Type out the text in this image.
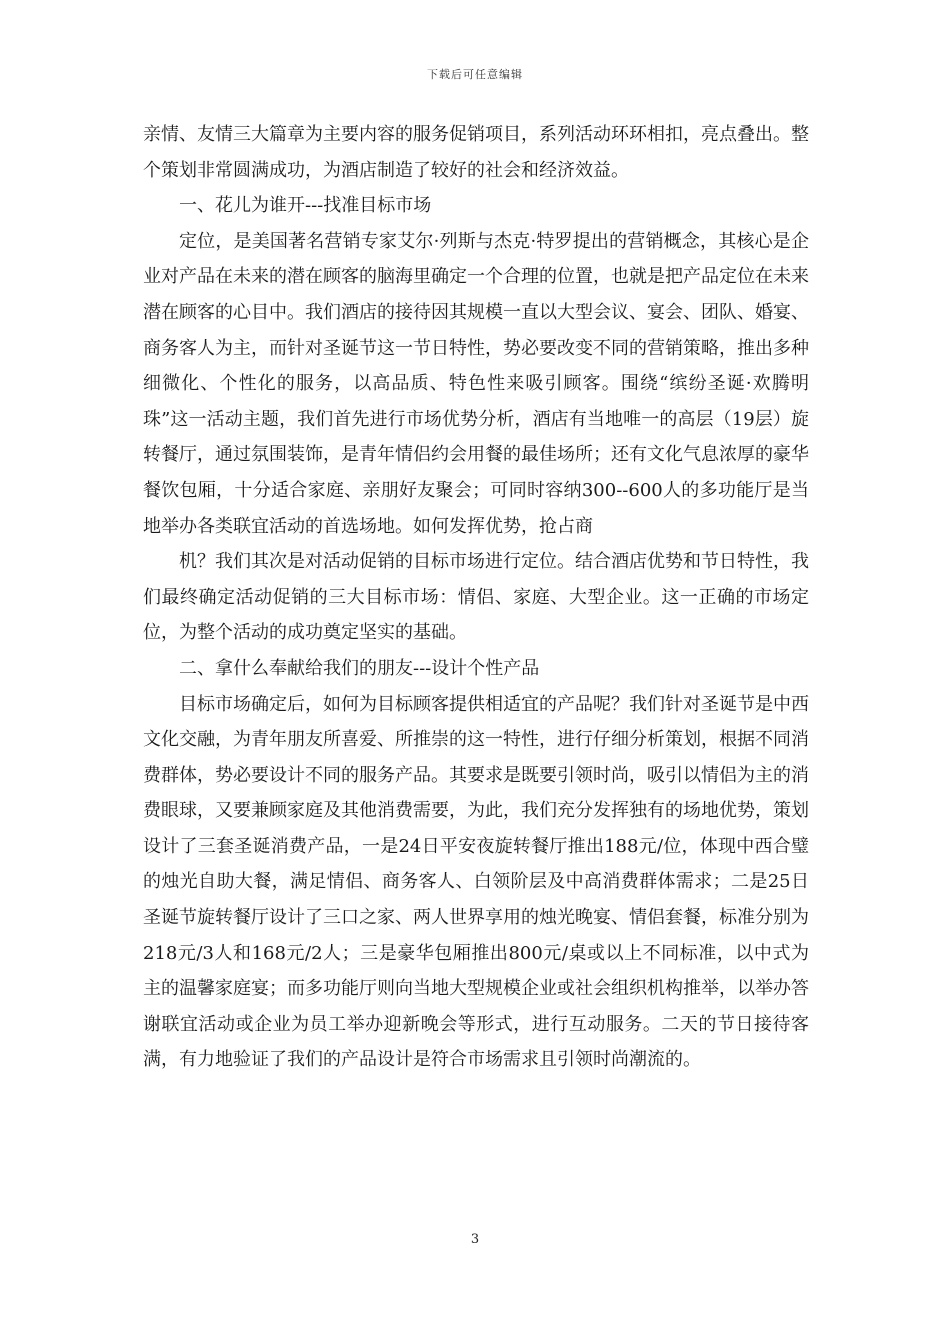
下载后可任意编辑

亲情、友情三大篇章为主要内容的服务促销项目，系列活动环环相扣，亮点叠出。整个策划非常圆满成功，为酒店制造了较好的社会和经济效益。

一、花儿为谁开---找准目标市场

定位，是美国著名营销专家艾尔·列斯与杰克·特罗提出的营销概念，其核心是企业对产品在未来的潜在顾客的脑海里确定一个合理的位置，也就是把产品定位在未来潜在顾客的心目中。我们酒店的接待因其规模一直以大型会议、宴会、团队、婚宴、商务客人为主，而针对圣诞节这一节日特性，势必要改变不同的营销策略，推出多种细微化、个性化的服务，以高品质、特色性来吸引顾客。围绕“缤纷圣诞·欢腾明珠”这一活动主题，我们首先进行市场优势分析，酒店有当地唯一的高层（19层）旋转餐厅，通过氛围装饰，是青年情侣约会用餐的最佳场所；还有文化气息浓厚的豪华餐饮包厢，十分适合家庭、亲朋好友聚会；可同时容纳300--600人的多功能厅是当地举办各类联宜活动的首选场地。如何发挥优势，抢占商

机？我们其次是对活动促销的目标市场进行定位。结合酒店优势和节日特性，我们最终确定活动促销的三大目标市场：情侣、家庭、大型企业。这一正确的市场定位，为整个活动的成功奠定坚实的基础。

二、拿什么奉献给我们的朋友---设计个性产品

目标市场确定后，如何为目标顾客提供相适宜的产品呢？我们针对圣诞节是中西文化交融，为青年朋友所喜爱、所推崇的这一特性，进行仔细分析策划，根据不同消费群体，势必要设计不同的服务产品。其要求是既要引领时尚，吸引以情侣为主的消费眼球，又要兼顾家庭及其他消费需要，为此，我们充分发挥独有的场地优势，策划设计了三套圣诞消费产品，一是24日平安夜旋转餐厅推出188元/位，体现中西合璧的烛光自助大餐，满足情侣、商务客人、白领阶层及中高消费群体需求；二是25日圣诞节旋转餐厅设计了三口之家、两人世界享用的烛光晚宴、情侣套餐，标准分别为218元/3人和168元/2人；三是豪华包厢推出800元/桌或以上不同标准，以中式为主的温馨家庭宴；而多功能厅则向当地大型规模企业或社会组织机构推举，以举办答谢联宜活动或企业为员工举办迎新晚会等形式，进行互动服务。二天的节日接待客满，有力地验证了我们的产品设计是符合市场需求且引领时尚潮流的。

3
